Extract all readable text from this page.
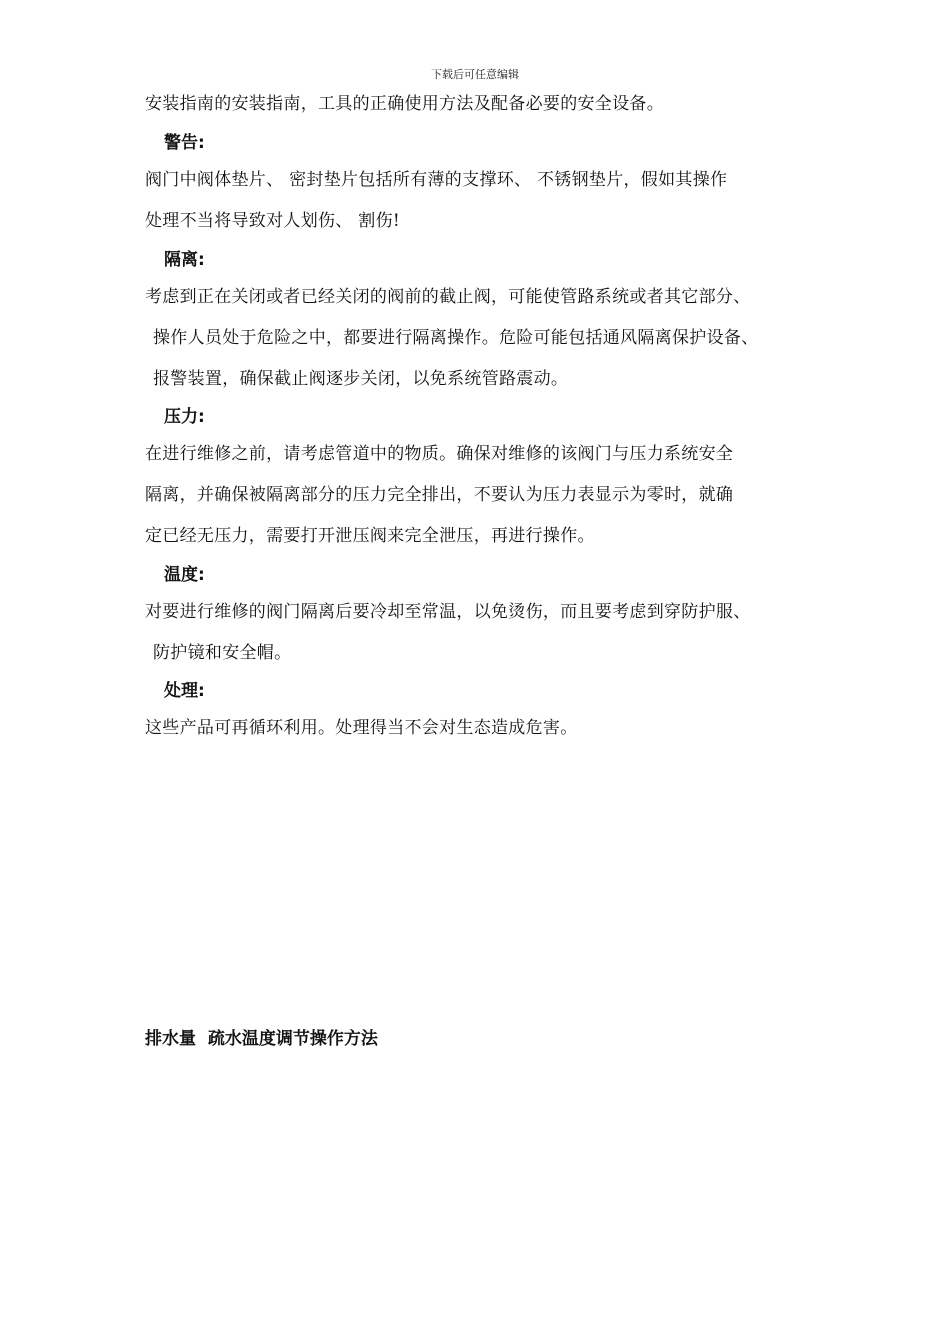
下载后可任意编辑
安装指南的安装指南，工具的正确使用方法及配备必要的安全设备。
警告:
阀门中阀体垫片、 密封垫片包括所有薄的支撑环、 不锈钢垫片，假如其操作
处理不当将导致对人划伤、 割伤!
隔离:
考虑到正在关闭或者已经关闭的阀前的截止阀，可能使管路系统或者其它部分、
操作人员处于危险之中，都要进行隔离操作。危险可能包括通风隔离保护设备、
报警装置，确保截止阀逐步关闭，以免系统管路震动。
压力:
在进行维修之前，请考虑管道中的物质。确保对维修的该阀门与压力系统安全
隔离，并确保被隔离部分的压力完全排出，不要认为压力表显示为零时，就确
定已经无压力，需要打开泄压阀来完全泄压，再进行操作。
温度:
对要进行维修的阀门隔离后要冷却至常温，以免烫伤，而且要考虑到穿防护服、
防护镜和安全帽。
处理:
这些产品可再循环利用。处理得当不会对生态造成危害。
排水量  疏水温度调节操作方法
